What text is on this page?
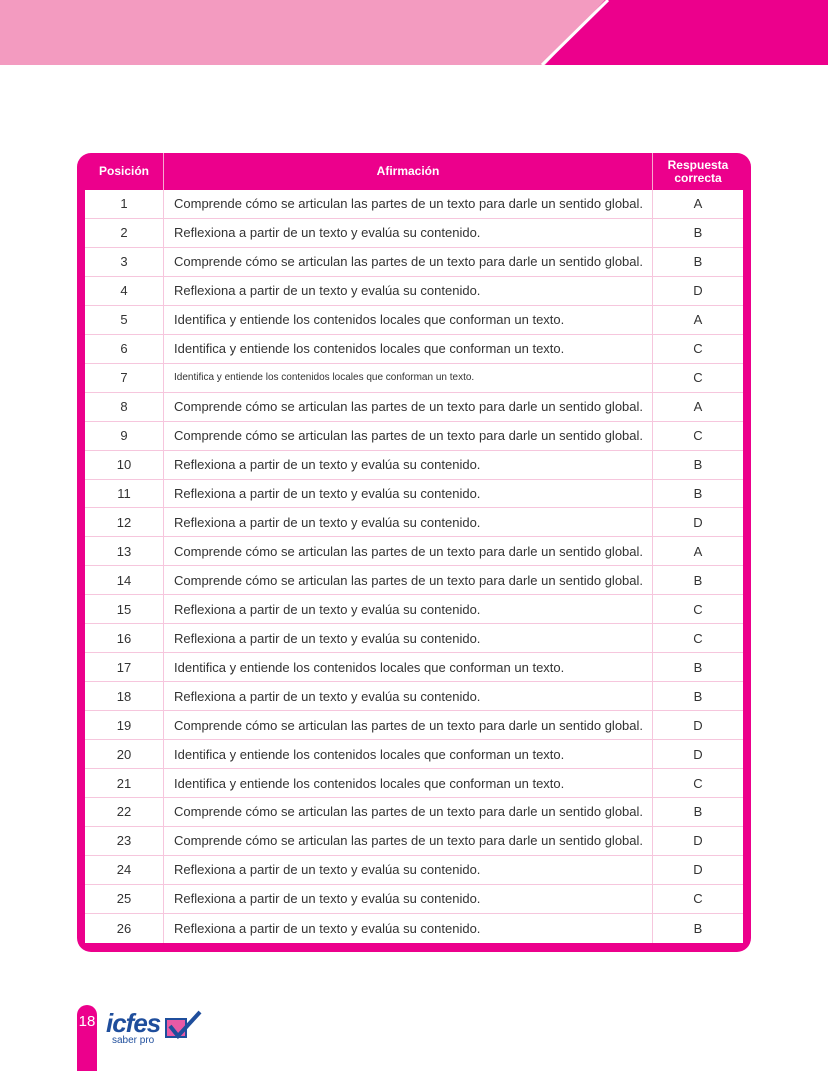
Posición	Afirmación	Respuesta correcta
1	Comprende cómo se articulan las partes de un texto para darle un sentido global.	A
2	Reflexiona a partir de un texto y evalúa su contenido.	B
3	Comprende cómo se articulan las partes de un texto para darle un sentido global.	B
4	Reflexiona a partir de un texto y evalúa su contenido.	D
5	Identifica y entiende los contenidos locales que conforman un texto.	A
6	Identifica y entiende los contenidos locales que conforman un texto.	C
7	Identifica y entiende los contenidos locales que conforman un texto.	C
8	Comprende cómo se articulan las partes de un texto para darle un sentido global.	A
9	Comprende cómo se articulan las partes de un texto para darle un sentido global.	C
10	Reflexiona a partir de un texto y evalúa su contenido.	B
11	Reflexiona a partir de un texto y evalúa su contenido.	B
12	Reflexiona a partir de un texto y evalúa su contenido.	D
13	Comprende cómo se articulan las partes de un texto para darle un sentido global.	A
14	Comprende cómo se articulan las partes de un texto para darle un sentido global.	B
15	Reflexiona a partir de un texto y evalúa su contenido.	C
16	Reflexiona a partir de un texto y evalúa su contenido.	C
17	Identifica y entiende los contenidos locales que conforman un texto.	B
18	Reflexiona a partir de un texto y evalúa su contenido.	B
19	Comprende cómo se articulan las partes de un texto para darle un sentido global.	D
20	Identifica y entiende los contenidos locales que conforman un texto.	D
21	Identifica y entiende los contenidos locales que conforman un texto.	C
22	Comprende cómo se articulan las partes de un texto para darle un sentido global.	B
23	Comprende cómo se articulan las partes de un texto para darle un sentido global.	D
24	Reflexiona a partir de un texto y evalúa su contenido.	D
25	Reflexiona a partir de un texto y evalúa su contenido.	C
26	Reflexiona a partir de un texto y evalúa su contenido.	B
18 icfes
saber pro
